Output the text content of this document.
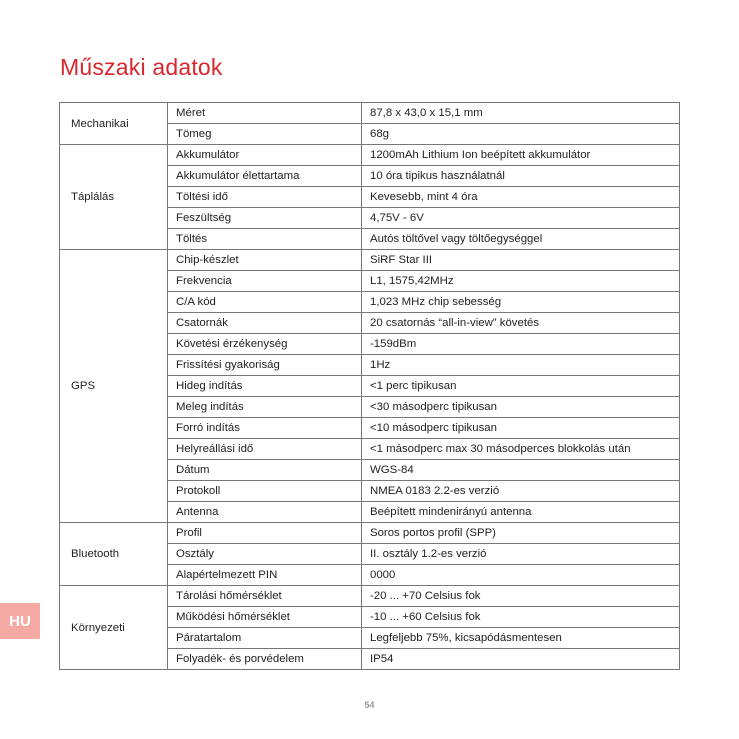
Műszaki adatok
Mechanikai	Méret	87,8 x 43,0 x 15,1 mm
	Tömeg	68g
Táplálás	Akkumulátor	1200mAh Lithium Ion beépített akkumulátor
	Akkumulátor élettartama	10 óra tipikus használatnál
	Töltési idő	Kevesebb, mint 4 óra
	Feszültség	4,75V - 6V
	Töltés	Autós töltővel vagy töltőegységgel
GPS	Chip-készlet	SiRF Star III
	Frekvencia	L1, 1575,42MHz
	C/A kód	1,023 MHz chip sebesség
	Csatornák	20 csatornás “all-in-view” követés
	Követési érzékenység	-159dBm
	Frissítési gyakoriság	1Hz
	Hideg indítás	<1 perc tipikusan
	Meleg indítás	<30 másodperc tipikusan
	Forró indítás	<10 másodperc tipikusan
	Helyreállási idő	<1 másodperc max 30 másodperces blokkolás után
	Dátum	WGS-84
	Protokoll	NMEA 0183 2.2-es verzió
	Antenna	Beépített mindenirányú antenna
Bluetooth	Profil	Soros portos profil (SPP)
	Osztály	II. osztály 1.2-es verzió
	Alapértelmezett PIN	0000
Környezeti	Tárolási hőmérséklet	-20 ... +70 Celsius fok
	Működési hőmérséklet	-10 ... +60 Celsius fok
	Páratartalom	Legfeljebb 75%, kicsapódásmentesen
	Folyadék- és porvédelem	IP54
HU
54
